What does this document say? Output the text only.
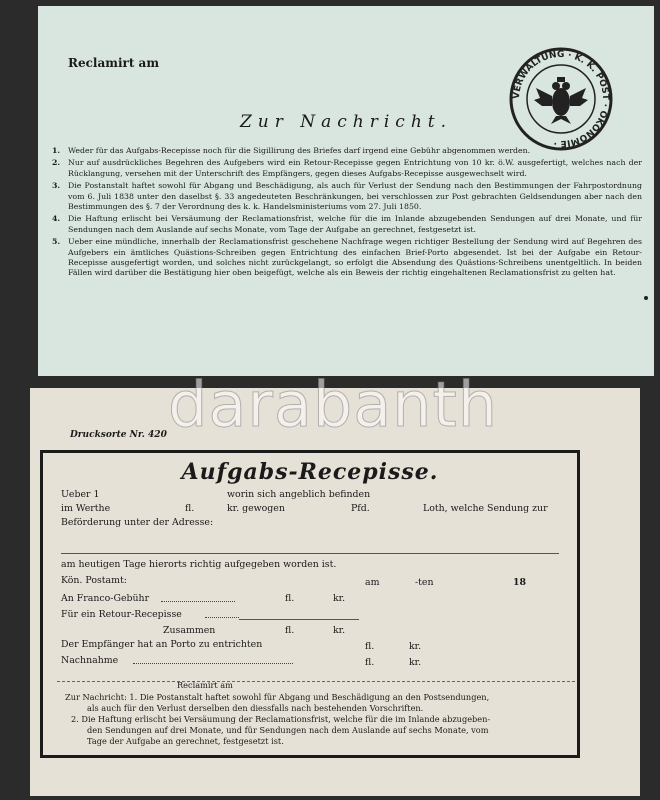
Reclamirt am
VERWALTUNG · K. K. POST · ÖKONOMIE ·
Zur Nachricht.
1.	Weder für das Aufgabs-Recepisse noch für die Sigillirung des Briefes darf irgend eine Gebühr abgenommen werden.
2.	Nur auf ausdrückliches Begehren des Aufgebers wird ein Retour-Recepisse gegen Entrichtung von 10 kr. ö.W. ausgefertigt, welches nach der Rücklangung, versehen mit der Unterschrift des Empfängers, gegen dieses Aufgabs-Recepisse ausgewechselt wird.
3.	Die Postanstalt haftet sowohl für Abgang und Beschädigung, als auch für Verlust der Sendung nach den Bestimmungen der Fahrpostordnung vom 6. Juli 1838 unter den daselbst §. 33 angedeuteten Beschränkungen, bei verschlossen zur Post gebrachten Geldsendungen aber nach den Bestimmungen des §. 7 der Verordnung des k. k. Handelsministeriums vom 27. Juli 1850.
4.	Die Haftung erlischt bei Versäumung der Reclamationsfrist, welche für die im Inlande abzugebenden Sendungen auf drei Monate, und für Sendungen nach dem Auslande auf sechs Monate, vom Tage der Aufgabe an gerechnet, festgesetzt ist.
5.	Ueber eine mündliche, innerhalb der Reclamationsfrist geschehene Nachfrage wegen richtiger Bestellung der Sendung wird auf Begehren des Aufgebers ein ämtliches Quästions-Schreiben gegen Entrichtung des einfachen Brief-Porto abgesendet. Ist bei der Aufgabe ein Retour-Recepisse ausgefertigt worden, und solches nicht zurückgelangt, so erfolgt die Absendung des Quästions-Schreibens unentgeltlich. In beiden Fällen wird darüber die Bestätigung hier oben beigefügt, welche als ein Beweis der richtig eingehaltenen Reclamationsfrist zu gelten hat.
Drucksorte Nr. 420
Aufgabs-Recepisse.
Ueber 1	worin sich angeblich befinden
im Werthe	fl.	kr. gewogen	Pfd.	Loth, welche Sendung zur
Beförderung unter der Adresse:
am heutigen Tage hierorts richtig aufgegeben worden ist.
Kön. Postamt:	am	-ten	18
An Franco-Gebühr	fl.	kr.
Für ein Retour-Recepisse
Zusammen	fl.	kr.
Der Empfänger hat an Porto zu entrichten	fl.	kr.
Nachnahme	fl.	kr.
Reclamirt am
Zur Nachricht: 1. Die Postanstalt haftet sowohl für Abgang und Beschädigung an den Postsendungen,
als auch für den Verlust derselben den diessfalls nach bestehenden Vorschriften.
2. Die Haftung erlischt bei Versäumung der Reclamationsfrist, welche für die im Inlande abzugeben-
den Sendungen auf drei Monate, und für Sendungen nach dem Auslande auf sechs Monate, vom
Tage der Aufgabe an gerechnet, festgesetzt ist.
darabanth
